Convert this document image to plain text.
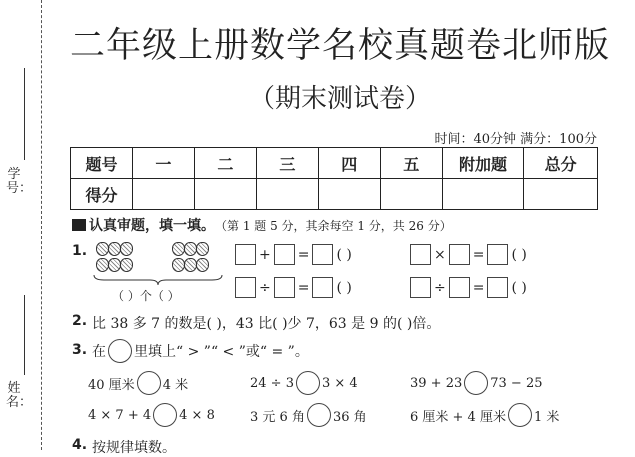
学号：
姓名：
二年级上册数学名校真题卷北师版
（期末测试卷）
时间：40分钟 满分：100分
题号	一	二	三	四	五	附加题	总分
得分							
认真审题，填一填。 （第 1 题 5 分，其余每空 1 分，共 26 分）
1.
（ ）个（ ）
+ = ( )	× = ( )
÷ = ( )	÷ = ( )
2. 比 38 多 7 的数是( )，43 比( )少 7，63 是 9 的( )倍。
3. 在 里填上“ > ”“ < ”或“ = ”。
40 厘米 4 米	24 ÷ 3 3 × 4	39 + 23 73 − 25
4 × 7 + 4 4 × 8	3 元 6 角 36 角	6 厘米 + 4 厘米 1 米
4. 按规律填数。
